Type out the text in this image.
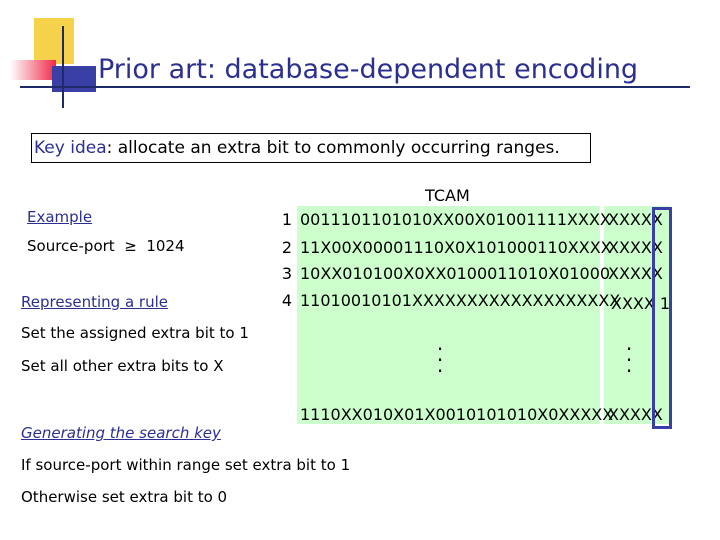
Prior art: database-dependent encoding
Key idea: allocate an extra bit to commonly occurring ranges.
Example
Source-port  ≥  1024
Representing a rule
Set the assigned extra bit to 1
Set all other extra bits to X
Generating the search key
If source-port within range set extra bit to 1
Otherwise set extra bit to 0
TCAM
1 0011101101010XX00X01001111XXXX
XXXXX
2 11X00X00001110X0X101000110XXXX
XXXXX
3 10XX010100X0XX0100011010X01000
XXXXX
4 11010010101XXXXXXXXXXXXXXXXXXX
XXXX 1
.
.
.
.
.
.
1110XX010X01X0010101010X0XXXXX
XXXXX
